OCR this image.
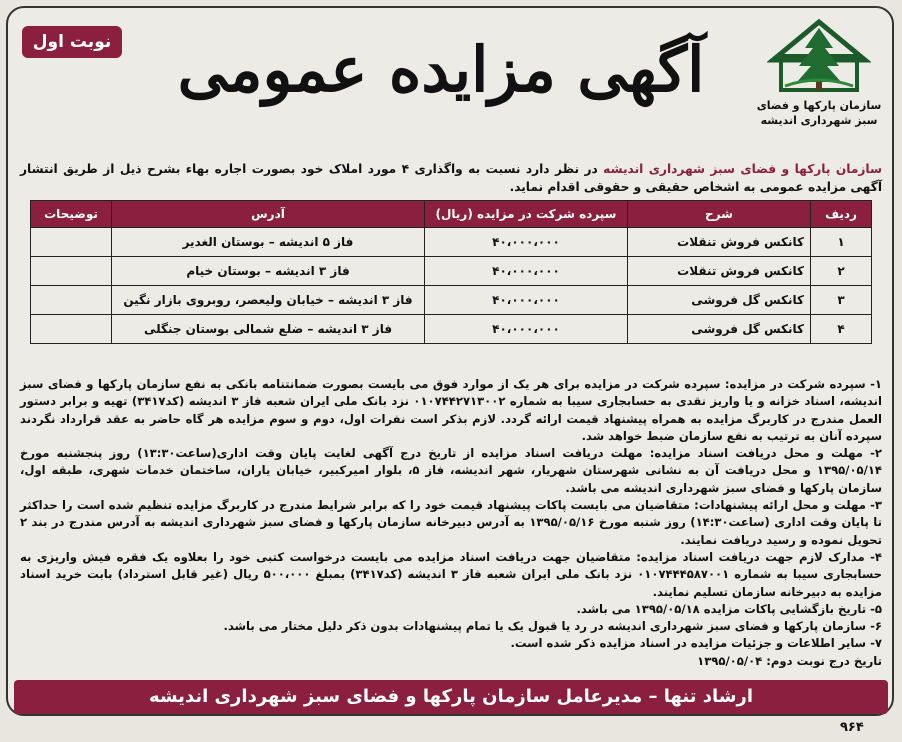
سازمان پارکها و فضای سبز شهرداری اندیشه
آگهی مزایده عمومی
نوبت اول
سازمان پارکها و فضای سبز شهرداری اندیشه در نظر دارد نسبت به واگذاری ۴ مورد املاک خود بصورت اجاره بهاء بشرح ذیل از طریق انتشار آگهی مزایده عمومی به اشخاص حقیقی و حقوقی اقدام نماید.
ردیف	شرح	سپرده شرکت در مزایده (ریال)	آدرس	توضیحات
۱	کانکس فروش تنقلات	۴۰،۰۰۰،۰۰۰	فاز ۵ اندیشه – بوستان الغدیر	
۲	کانکس فروش تنقلات	۴۰،۰۰۰،۰۰۰	فاز ۳ اندیشه – بوستان خیام	
۳	کانکس گل فروشی	۴۰،۰۰۰،۰۰۰	فاز ۳ اندیشه – خیابان ولیعصر، روبروی بازار نگین	
۴	کانکس گل فروشی	۴۰،۰۰۰،۰۰۰	فاز ۳ اندیشه – ضلع شمالی بوستان جنگلی	

۱- سپرده شرکت در مزایده: سپرده شرکت در مزایده برای هر یک از موارد فوق می بایست بصورت ضمانتنامه بانکی به نفع سازمان پارکها و فضای سبز اندیشه، اسناد خزانه و یا واریز نقدی به حسابجاری سیبا به شماره ۰۱۰۷۴۴۲۷۱۳۰۰۲ نزد بانک ملی ایران شعبه فاز ۳ اندیشه (کد۳۴۱۷) تهیه و برابر دستور العمل مندرج در کاربرگ مزایده به همراه پیشنهاد قیمت ارائه گردد. لازم بذکر است نفرات اول، دوم و سوم مزایده هر گاه حاضر به عقد قرارداد نگردند سپرده آنان به ترتیب به نفع سازمان ضبط خواهد شد.

۲- مهلت و محل دریافت اسناد مزایده: مهلت دریافت اسناد مزایده از تاریخ درج آگهی لغایت پایان وقت اداری(ساعت۱۳:۳۰) روز پنجشنبه مورخ ۱۳۹۵/۰۵/۱۴ و محل دریافت آن به نشانی شهرستان شهریار، شهر اندیشه، فاز ۵، بلوار امیرکبیر، خیابان یاران، ساختمان خدمات شهری، طبقه اول، سازمان پارکها و فضای سبز شهرداری اندیشه می باشد.

۳- مهلت و محل ارائه پیشنهادات: متقاضیان می بایست پاکات پیشنهاد قیمت خود را که برابر شرایط مندرج در کاربرگ مزایده تنظیم شده است را حداکثر تا پایان وقت اداری (ساعت۱۴:۳۰) روز شنبه مورخ ۱۳۹۵/۰۵/۱۶ به آدرس دبیرخانه سازمان پارکها و فضای سبز شهرداری اندیشه به آدرس مندرج در بند ۲ تحویل نموده و رسید دریافت نمایند.

۴- مدارک لازم جهت دریافت اسناد مزایده: متقاضیان جهت دریافت اسناد مزایده می بایست درخواست کتبی خود را بعلاوه یک فقره فیش واریزی به حسابجاری سیبا به شماره ۰۱۰۷۴۴۴۵۸۷۰۰۱ نزد بانک ملی ایران شعبه فاز ۳ اندیشه (کد۳۴۱۷) بمبلغ ۵۰۰،۰۰۰ ریال (غیر قابل استرداد) بابت خرید اسناد مزایده به دبیرخانه سازمان تسلیم نمایند.

۵- تاریخ بازگشایی پاکات مزایده ۱۳۹۵/۰۵/۱۸ می باشد.

۶- سازمان پارکها و فضای سبز شهرداری اندیشه در رد یا قبول یک یا تمام پیشنهادات بدون ذکر دلیل مختار می باشد.

۷- سایر اطلاعات و جزئیات مزایده در اسناد مزایده ذکر شده است.

تاریخ درج نوبت دوم: ۱۳۹۵/۰۵/۰۴

ارشاد تنها – مدیرعامل سازمان پارکها و فضای سبز شهرداری اندیشه
۹۶۴
